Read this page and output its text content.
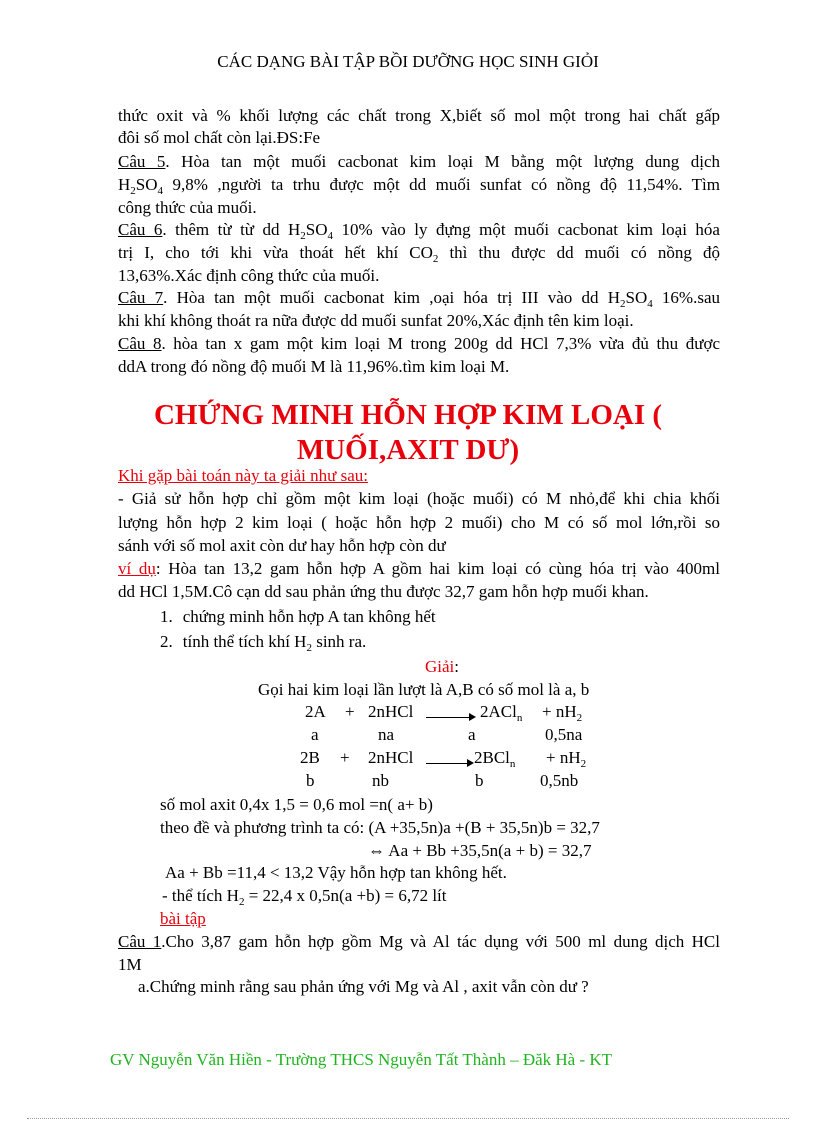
CÁC DẠNG BÀI TẬP BỒI DƯỠNG HỌC SINH GIỎI
thức oxit và % khối lượng các chất trong X,biết số mol một trong hai chất gấp
đôi số mol chất còn lại.ĐS:Fe
Câu 5. Hòa tan một muối cacbonat kim loại M bằng một lượng dung dịch
$H_2SO_4$ 9,8% ,người ta trhu được một dd muối sunfat có nồng độ 11,54%. Tìm
công thức của muối.
Câu 6. thêm từ từ dd $H_2SO_4$ 10% vào ly đựng một muối cacbonat kim loại hóa
trị I, cho tới khi vừa thoát hết khí $CO_2$ thì thu được dd muối có nồng độ
13,63%.Xác định công thức của muối.
Câu 7. Hòa tan một muối cacbonat kim ,oại hóa trị III vào dd $H_2SO_4$ 16%.sau
khi khí không thoát ra nữa được dd muối sunfat 20%,Xác định tên kim loại.
Câu 8. hòa tan x gam một kim loại M trong 200g dd HCl 7,3% vừa đủ thu được
ddA trong đó nồng độ muối M là 11,96%.tìm kim loại M.
CHỨNG MINH HỖN HỢP KIM LOẠI (
MUỐI,AXIT DƯ)
Khi gặp bài toán này ta giải như sau:
- Giả sử hỗn hợp chỉ gồm một kim loại (hoặc muối) có M nhỏ,để khi chia khối
lượng hỗn hợp 2 kim loại ( hoặc hỗn hợp 2 muối) cho M có số mol lớn,rồi so
sánh với số mol axit còn dư hay hỗn hợp còn dư
ví dụ: Hòa tan 13,2 gam hỗn hợp A gồm hai kim loại có cùng hóa trị vào 400ml
dd HCl 1,5M.Cô cạn dd sau phản ứng thu được 32,7 gam hỗn hợp muối khan.
1. chứng minh hỗn hợp A tan không hết
2. tính thể tích khí $H_2$ sinh ra.
Giải:
Gọi hai kim loại lần lượt là A,B có số mol là a, b
2A + 2nHCl	$2ACl_n + nH_2$
a	na	a	0,5na
2B + 2nHCl	$2BCl_n + nH_2$
b	nb	b	0,5nb
số mol axit 0,4x 1,5 = 0,6 mol =n( a+ b)
theo đề và phương trình ta có: (A +35,5n)a +(B + 35,5n)b = 32,7
⇔ Aa + Bb +35,5n(a + b) = 32,7
Aa + Bb =11,4 < 13,2 Vậy hỗn hợp tan không hết.
- thể tích $H_2 = 22,4$ x 0,5n(a +b) = 6,72 lít
bài tập
Câu 1.Cho 3,87 gam hỗn hợp gồm Mg và Al tác dụng với 500 ml dung dịch HCl
1M
a.Chứng minh rằng sau phản ứng với Mg và Al , axit vẫn còn dư ?
GV Nguyễn Văn Hiền - Trường THCS Nguyễn Tất Thành – Đăk Hà - KT
